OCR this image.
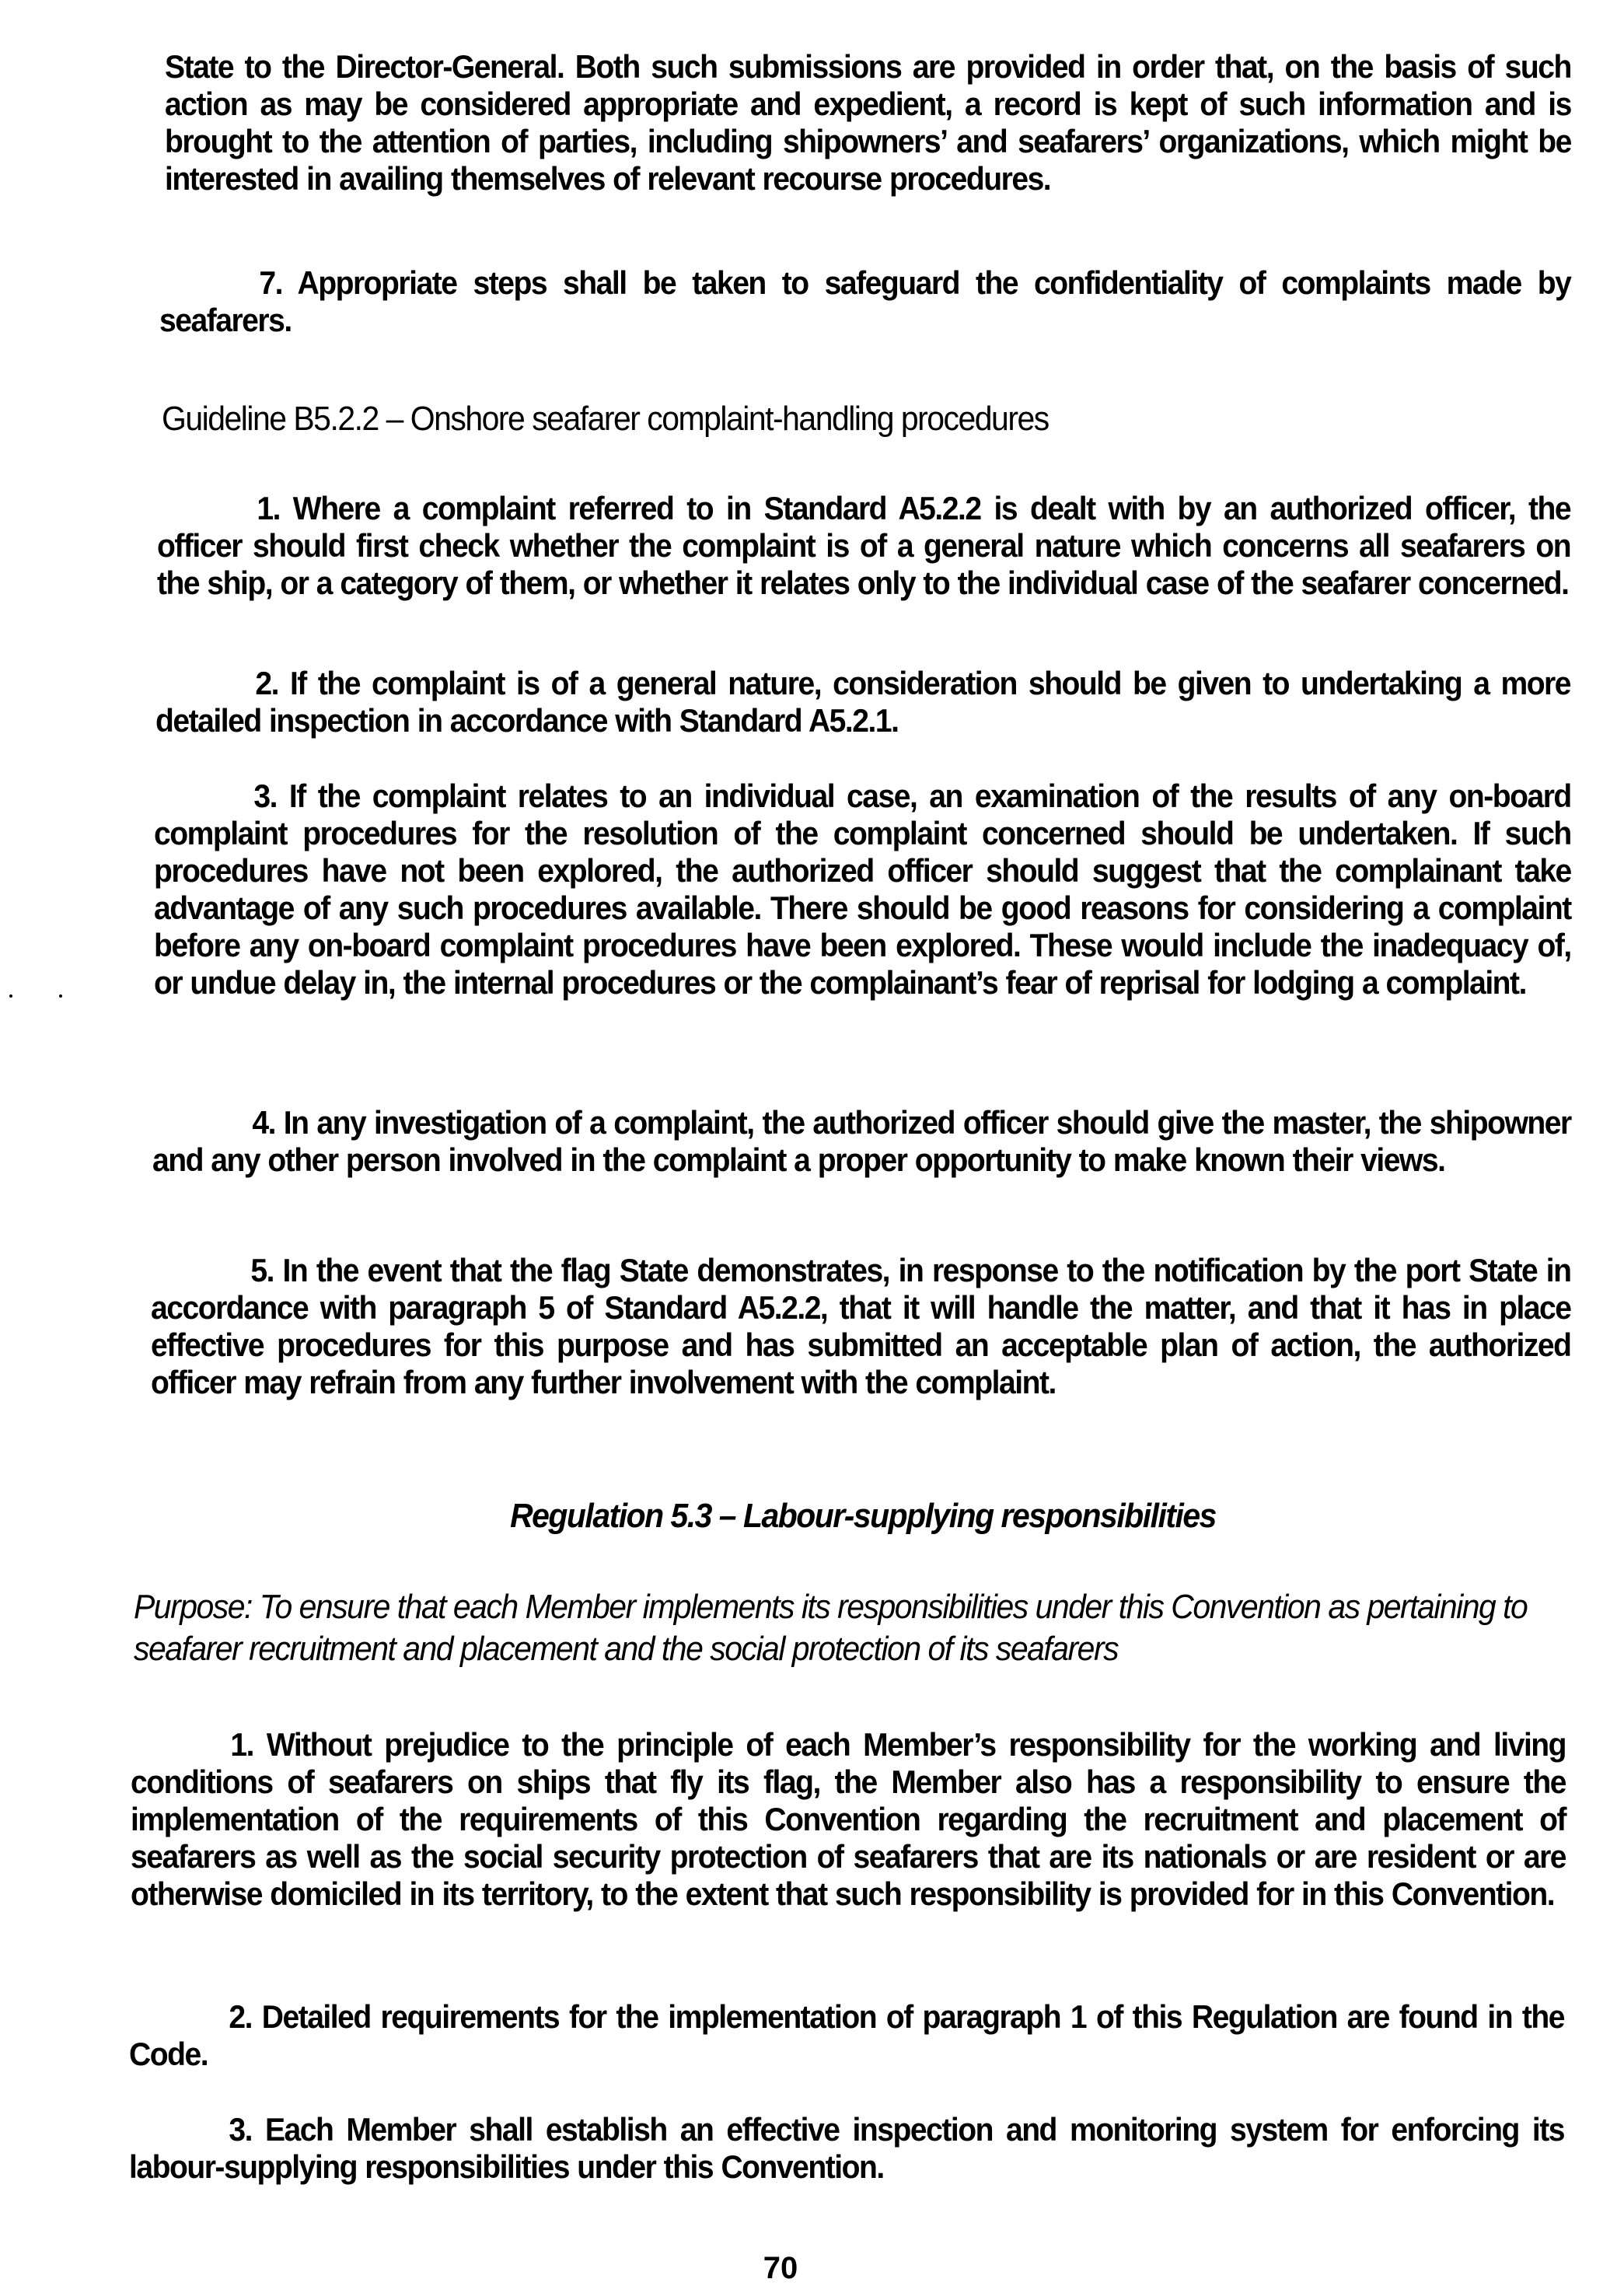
State to the Director-General. Both such submissions are provided in order that, on the basis of such action as may be considered appropriate and expedient, a record is kept of such information and is brought to the attention of parties, including shipowners’ and seafarers’ organizations, which might be interested in availing themselves of relevant recourse procedures.
7. Appropriate steps shall be taken to safeguard the confidentiality of complaints made by seafarers.
Guideline B5.2.2 – Onshore seafarer complaint-handling procedures
1. Where a complaint referred to in Standard A5.2.2 is dealt with by an authorized officer, the officer should first check whether the complaint is of a general nature which concerns all seafarers on the ship, or a category of them, or whether it relates only to the individual case of the seafarer concerned.
2. If the complaint is of a general nature, consideration should be given to undertaking a more detailed inspection in accordance with Standard A5.2.1.
3. If the complaint relates to an individual case, an examination of the results of any on-board complaint procedures for the resolution of the complaint concerned should be undertaken. If such procedures have not been explored, the authorized officer should suggest that the complainant take advantage of any such procedures available. There should be good reasons for considering a complaint before any on-board complaint procedures have been explored. These would include the inadequacy of, or undue delay in, the internal procedures or the complainant’s fear of reprisal for lodging a complaint.
4. In any investigation of a complaint, the authorized officer should give the master, the shipowner and any other person involved in the complaint a proper opportunity to make known their views.
5. In the event that the flag State demonstrates, in response to the notification by the port State in accordance with paragraph 5 of Standard A5.2.2, that it will handle the matter, and that it has in place effective procedures for this purpose and has submitted an acceptable plan of action, the authorized officer may refrain from any further involvement with the complaint.
Regulation 5.3 – Labour-supplying responsibilities
Purpose: To ensure that each Member implements its responsibilities under this Convention as pertaining to seafarer recruitment and placement and the social protection of its seafarers
1. Without prejudice to the principle of each Member’s responsibility for the working and living conditions of seafarers on ships that fly its flag, the Member also has a responsibility to ensure the implementation of the requirements of this Convention regarding the recruitment and placement of seafarers as well as the social security protection of seafarers that are its nationals or are resident or are otherwise domiciled in its territory, to the extent that such responsibility is provided for in this Convention.
2. Detailed requirements for the implementation of paragraph 1 of this Regulation are found in the Code.
3. Each Member shall establish an effective inspection and monitoring system for enforcing its labour-supplying responsibilities under this Convention.
70
